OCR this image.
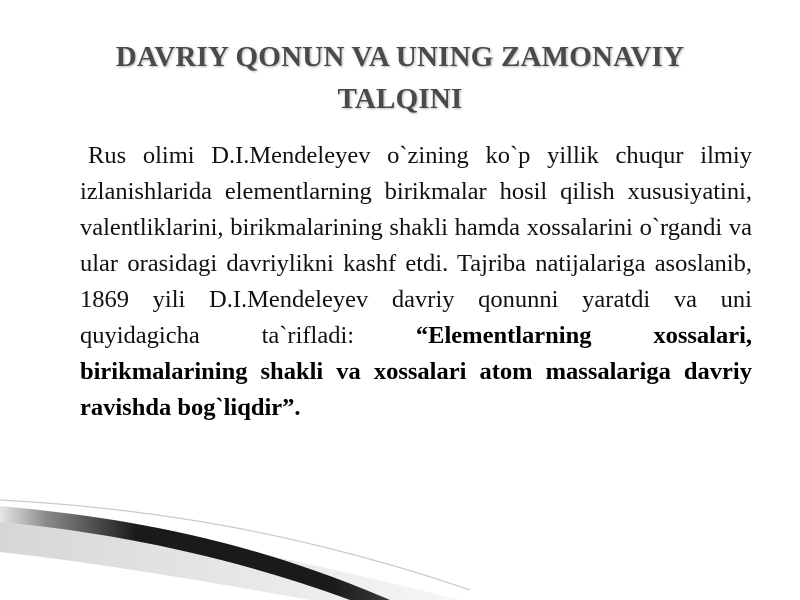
DAVRIY QONUN VA UNING ZAMONAVIY
TALQINI

Rus olimi D.I.Mendeleyev o`zining ko`p yillik chuqur ilmiy izlanishlarida elementlarning birikmalar hosil qilish xususiyatini, valentliklarini, birikmalarining shakli hamda xossalarini o`rgandi va ular orasidagi davriylikni kashf etdi. Tajriba natijalariga asoslanib, 1869 yili D.I.Mendeleyev davriy qonunni yaratdi va uni quyidagicha ta`rifladi: “Elementlarning xossalari, birikmalarining shakli va xossalari atom massalariga davriy ravishda bog`liqdir”.
